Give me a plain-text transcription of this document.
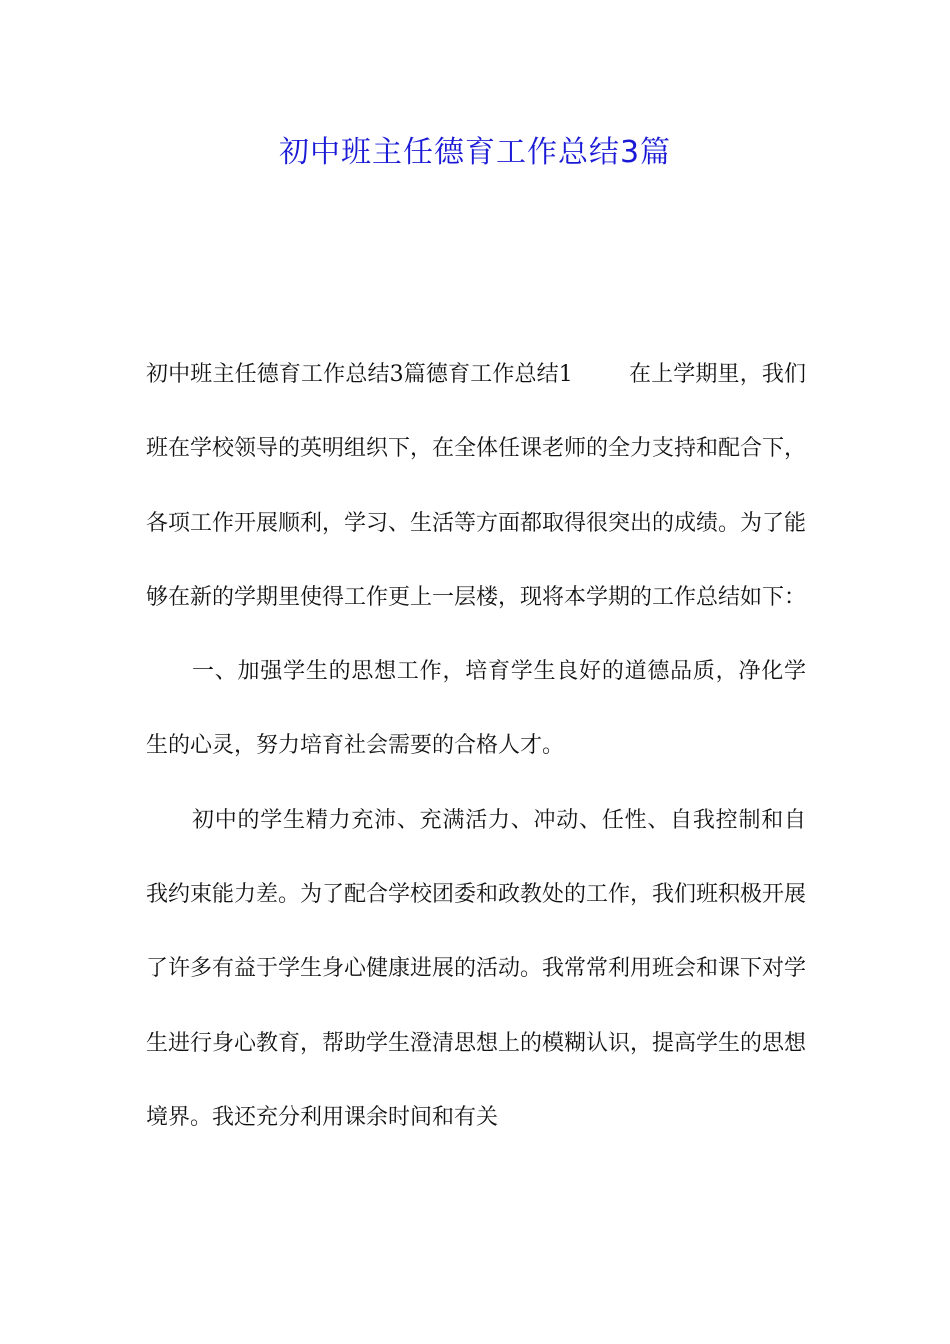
初中班主任德育工作总结3篇

初中班主任德育工作总结3篇德育工作总结1	在上学期里，我们班在学校领导的英明组织下，在全体任课老师的全力支持和配合下，各项工作开展顺利，学习、生活等方面都取得很突出的成绩。为了能够在新的学期里使得工作更上一层楼，现将本学期的工作总结如下：

一、加强学生的思想工作，培育学生良好的道德品质，净化学生的心灵，努力培育社会需要的合格人才。

初中的学生精力充沛、充满活力、冲动、任性、自我控制和自我约束能力差。为了配合学校团委和政教处的工作，我们班积极开展了许多有益于学生身心健康进展的活动。我常常利用班会和课下对学生进行身心教育，帮助学生澄清思想上的模糊认识，提高学生的思想境界。我还充分利用课余时间和有关
